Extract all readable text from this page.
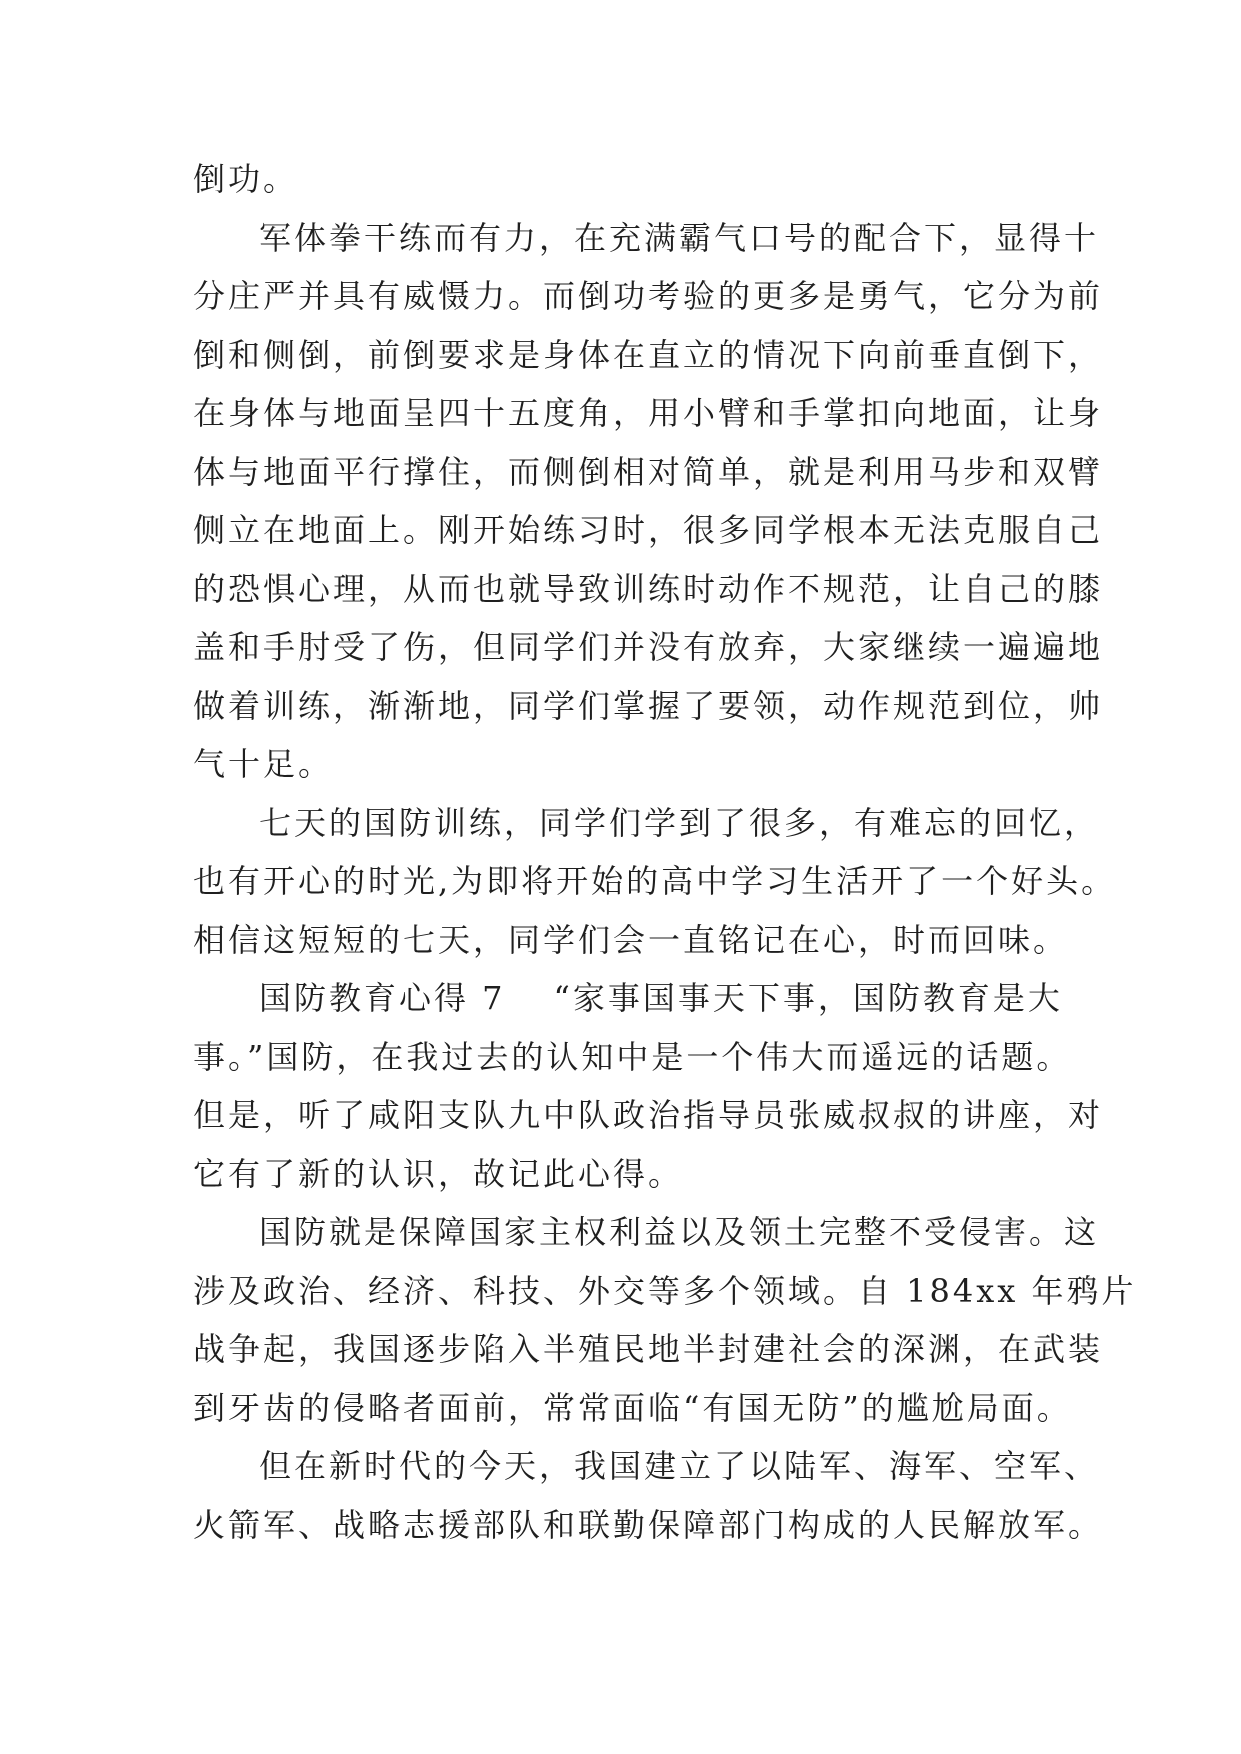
倒功。

军体拳干练而有力，在充满霸气口号的配合下，显得十
分庄严并具有威慑力。而倒功考验的更多是勇气，它分为前
倒和侧倒，前倒要求是身体在直立的情况下向前垂直倒下，
在身体与地面呈四十五度角，用小臂和手掌扣向地面，让身
体与地面平行撑住，而侧倒相对简单，就是利用马步和双臂
侧立在地面上。刚开始练习时，很多同学根本无法克服自己
的恐惧心理，从而也就导致训练时动作不规范，让自己的膝
盖和手肘受了伤，但同学们并没有放弃，大家继续一遍遍地
做着训练，渐渐地，同学们掌握了要领，动作规范到位，帅
气十足。

七天的国防训练，同学们学到了很多，有难忘的回忆，
也有开心的时光,为即将开始的高中学习生活开了一个好头。
相信这短短的七天，同学们会一直铭记在心，时而回味。

国防教育心得 7 “家事国事天下事，国防教育是大
事。”国防，在我过去的认知中是一个伟大而遥远的话题。
但是，听了咸阳支队九中队政治指导员张威叔叔的讲座，对
它有了新的认识，故记此心得。

国防就是保障国家主权利益以及领土完整不受侵害。这
涉及政治、经济、科技、外交等多个领域。自 184xx 年鸦片
战争起，我国逐步陷入半殖民地半封建社会的深渊，在武装
到牙齿的侵略者面前，常常面临“有国无防”的尴尬局面。

但在新时代的今天，我国建立了以陆军、海军、空军、
火箭军、战略志援部队和联勤保障部门构成的人民解放军。
